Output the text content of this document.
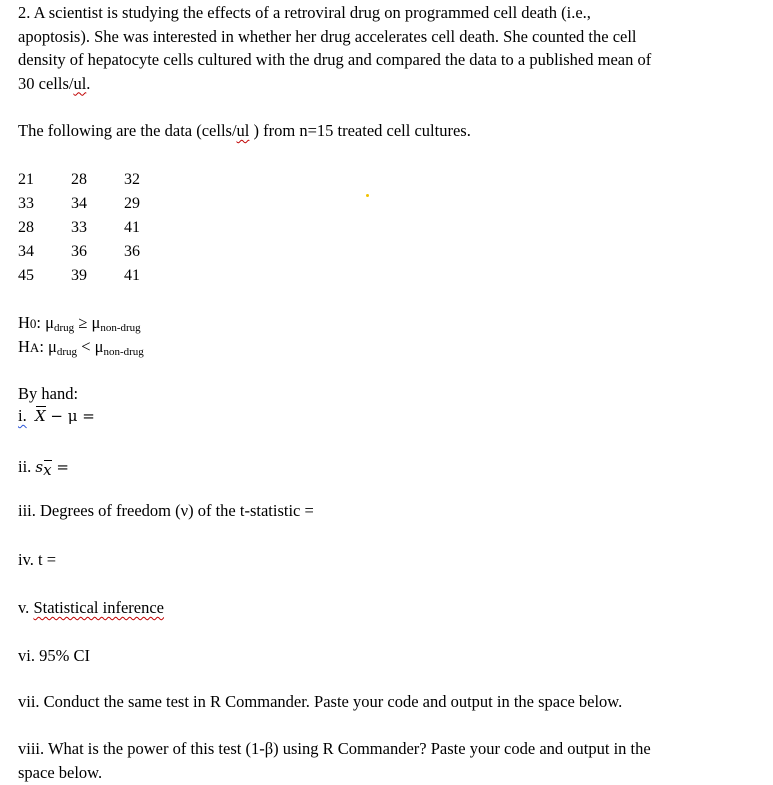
2. A scientist is studying the effects of a retroviral drug on programmed cell death (i.e.,
apoptosis). She was interested in whether her drug accelerates cell death. She counted the cell
density of hepatocyte cells cultured with the drug and compared the data to a published mean of
30 cells/ul.
The following are the data (cells/ul ) from n=15 treated cell cultures.
21	28	32
33	34	29
28	33	41
34	36	36
45	39	41
H0: $\mu_{drug} \ge \mu_{non-drug}$
HA: $\mu_{drug} < \mu_{non-drug}$
By hand:
i. X − μ =
ii. sx =
iii. Degrees of freedom (ν) of the t-statistic =
iv. t =
v. Statistical inference
vi. 95% CI
vii. Conduct the same test in R Commander. Paste your code and output in the space below.
viii. What is the power of this test (1-β) using R Commander? Paste your code and output in the
space below.
